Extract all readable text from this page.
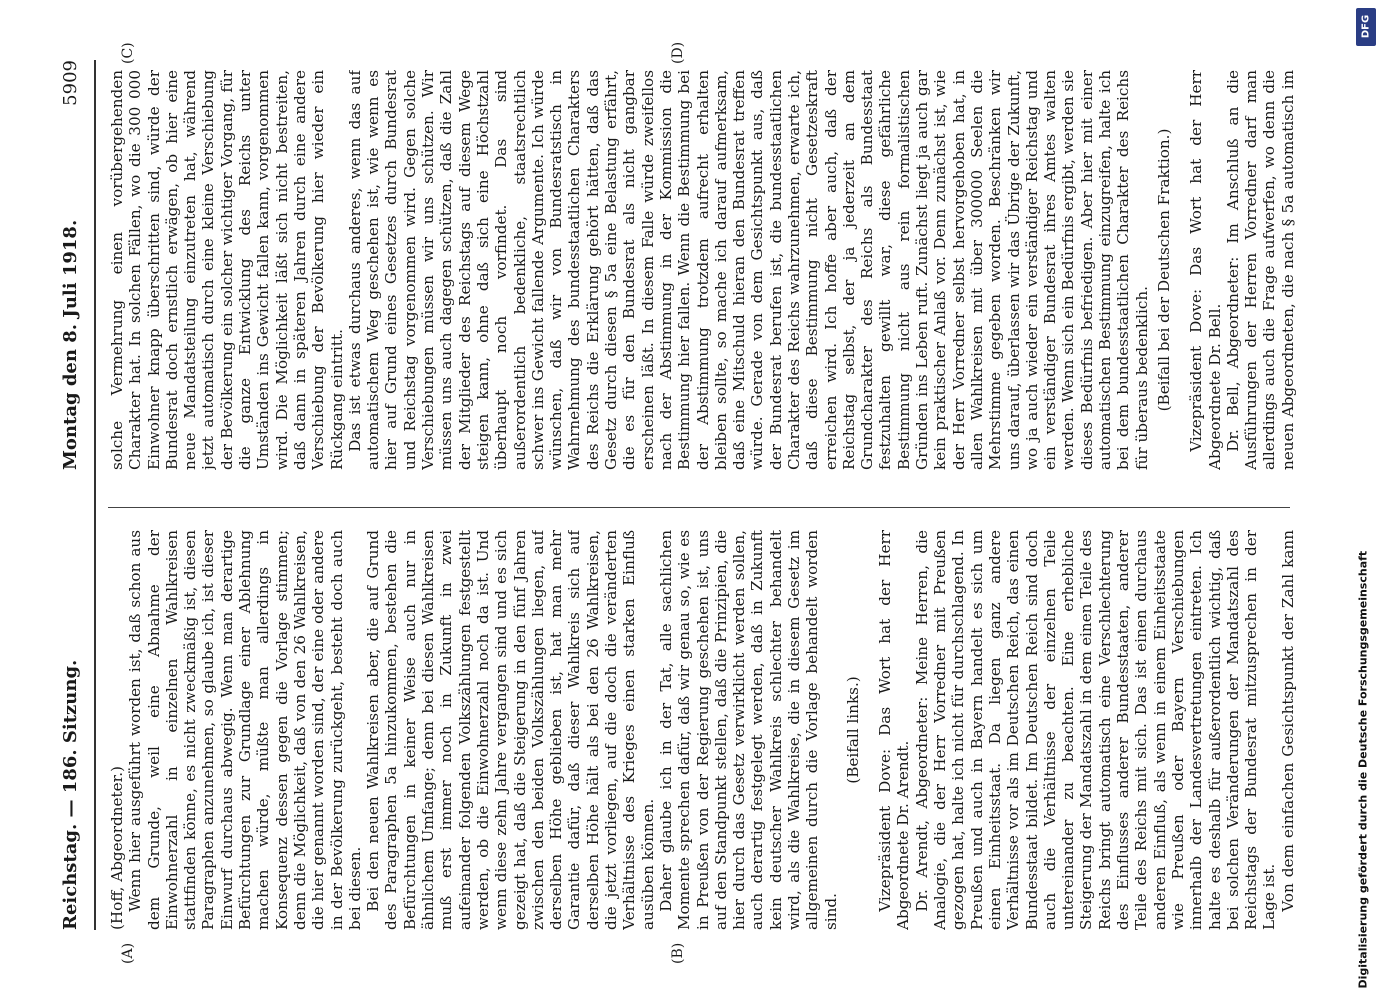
Reichstag. — 186. Sitzung.
Montag den 8. Juli 1918.
5909
(A)	(B)
(C)	(D)

(Hoff, Abgeordneter.) Wenn hier ausgeführt worden ist, daß schon aus dem Grunde, weil eine Abnahme der Einwohnerzahl in einzelnen Wahlkreisen stattfinden könne, es nicht zweckmäßig ist, diesen Paragraphen anzunehmen, so glaube ich, ist dieser Einwurf durchaus abwegig. Wenn man derartige Befürchtungen zur Grundlage einer Ablehnung machen würde, müßte man allerdings in Konsequenz dessen gegen die Vorlage stimmen; denn die Möglichkeit, daß von den 26 Wahlkreisen, die hier genannt worden sind, der eine oder andere in der Bevölkerung zurückgeht, besteht doch auch bei diesen. Bei den neuen Wahlkreisen aber, die auf Grund des Paragraphen 5a hinzukommen, bestehen die Befürchtungen in keiner Weise auch nur in ähnlichem Umfange; denn bei diesen Wahlkreisen muß erst immer noch in Zukunft in zwei aufeinander folgenden Volkszählungen festgestellt werden, ob die Einwohnerzahl noch da ist. Und wenn diese zehn Jahre vergangen sind und es sich gezeigt hat, daß die Steigerung in den fünf Jahren zwischen den beiden Volkszählungen liegen, auf derselben Höhe geblieben ist, hat man mehr Garantie dafür, daß dieser Wahlkreis sich auf derselben Höhe hält als bei den 26 Wahlkreisen, die jetzt vorliegen, auf die doch die veränderten Verhältnisse des Krieges einen starken Einfluß ausüben können. Daher glaube ich in der Tat, alle sachlichen Momente sprechen dafür, daß wir genau so, wie es in Preußen von der Regierung geschehen ist, uns auf den Standpunkt stellen, daß die Prinzipien, die hier durch das Gesetz verwirklicht werden sollen, auch derartig festgelegt werden, daß in Zukunft kein deutscher Wahlkreis schlechter behandelt wird, als die Wahlkreise, die in diesem Gesetz im allgemeinen durch die Vorlage behandelt worden sind.

(Beifall links.) Vizepräsident Dove: Das Wort hat der Herr Abgeordnete Dr. Arendt. Dr. Arendt, Abgeordneter: Meine Herren, die Analogie, die der Herr Vorredner mit Preußen gezogen hat, halte ich nicht für durchschlagend. In Preußen und auch in Bayern handelt es sich um einen Einheitsstaat. Da liegen ganz andere Verhältnisse vor als im Deutschen Reich, das einen Bundesstaat bildet. Im Deutschen Reich sind doch auch die Verhältnisse der einzelnen Teile untereinander zu beachten. Eine erhebliche Steigerung der Mandatszahl in dem einen Teile des Reichs bringt automatisch eine Verschlechterung des Einflusses anderer Bundesstaaten, anderer Teile des Reichs mit sich. Das ist einen durchaus anderen Einfluß, als wenn in einem Einheitsstaate wie Preußen oder Bayern Verschiebungen innerhalb der Landesvertretungen eintreten. Ich halte es deshalb für außerordentlich wichtig, daß bei solchen Veränderungen der Mandatszahl des Reichstags der Bundesrat mitzusprechen in der Lage ist. Von dem einfachen Gesichtspunkt der Zahl kann

solche Vermehrung einen vorübergehenden Charakter hat. In solchen Fällen, wo die 300 000 Einwohner knapp überschritten sind, würde der Bundesrat doch ernstlich erwägen, ob hier eine neue Mandatsteilung einzutreten hat, während jetzt automatisch durch eine kleine Verschiebung der Bevölkerung ein solcher wichtiger Vorgang, für die ganze Entwicklung des Reichs unter Umständen ins Gewicht fallen kann, vorgenommen wird. Die Möglichkeit läßt sich nicht bestreiten, daß dann in späteren Jahren durch eine andere Verschiebung der Bevölkerung hier wieder ein Rückgang eintritt. Das ist etwas durchaus anderes, wenn das auf automatischem Weg geschehen ist, wie wenn es hier auf Grund eines Gesetzes durch Bundesrat und Reichstag vorgenommen wird. Gegen solche Verschiebungen müssen wir uns schützen. Wir müssen uns auch dagegen schützen, daß die Zahl der Mitglieder des Reichstags auf diesem Wege steigen kann, ohne daß sich eine Höchstzahl überhaupt noch vorfindet. Das sind außerordentlich bedenkliche, staatsrechtlich schwer ins Gewicht fallende Argumente. Ich würde wünschen, daß wir von Bundesratstisch in Wahrnehmung des bundesstaatlichen Charakters des Reichs die Erklärung gehört hätten, daß das Gesetz durch diesen § 5a eine Belastung erfährt, die es für den Bundesrat als nicht gangbar erscheinen läßt. In diesem Falle würde zweifellos nach der Abstimmung in der Kommission die Bestimmung hier fallen. Wenn die Bestimmung bei der Abstimmung trotzdem aufrecht erhalten bleiben sollte, so mache ich darauf aufmerksam, daß eine Mitschuld hieran den Bundesrat treffen würde. Gerade von dem Gesichtspunkt aus, daß der Bundesrat berufen ist, die bundesstaatlichen Charakter des Reichs wahrzunehmen, erwarte ich, daß diese Bestimmung nicht Gesetzeskraft erreichen wird. Ich hoffe aber auch, daß der Reichstag selbst, der ja jederzeit an dem Grundcharakter des Reichs als Bundesstaat festzuhalten gewillt war, diese gefährliche Bestimmung nicht aus rein formalistischen Gründen ins Leben ruft. Zunächst liegt ja auch gar kein praktischer Anlaß vor. Denn zunächst ist, wie der Herr Vorredner selbst hervorgehoben hat, in allen Wahlkreisen mit über 300000 Seelen die Mehrstimme gegeben worden. Beschränken wir uns darauf, überlassen wir das Übrige der Zukunft, wo ja auch wieder ein verständiger Reichstag und ein verständiger Bundesrat ihres Amtes walten werden. Wenn sich ein Bedürfnis ergibt, werden sie dieses Bedürfnis befriedigen. Aber hier mit einer automatischen Bestimmung einzugreifen, halte ich bei dem bundesstaatlichen Charakter des Reichs für überaus bedenklich. (Beifall bei der Deutschen Fraktion.) Vizepräsident Dove: Das Wort hat der Herr Abgeordnete Dr. Bell. Dr. Bell, Abgeordneter: Im Anschluß an die Ausführungen der Herren Vorredner darf man allerdings auch die Frage aufwerfen, wo denn die neuen Abgeordneten, die nach § 5a automatisch im

DFG
Digitalisierung gefördert durch die Deutsche Forschungsgemeinschaft
